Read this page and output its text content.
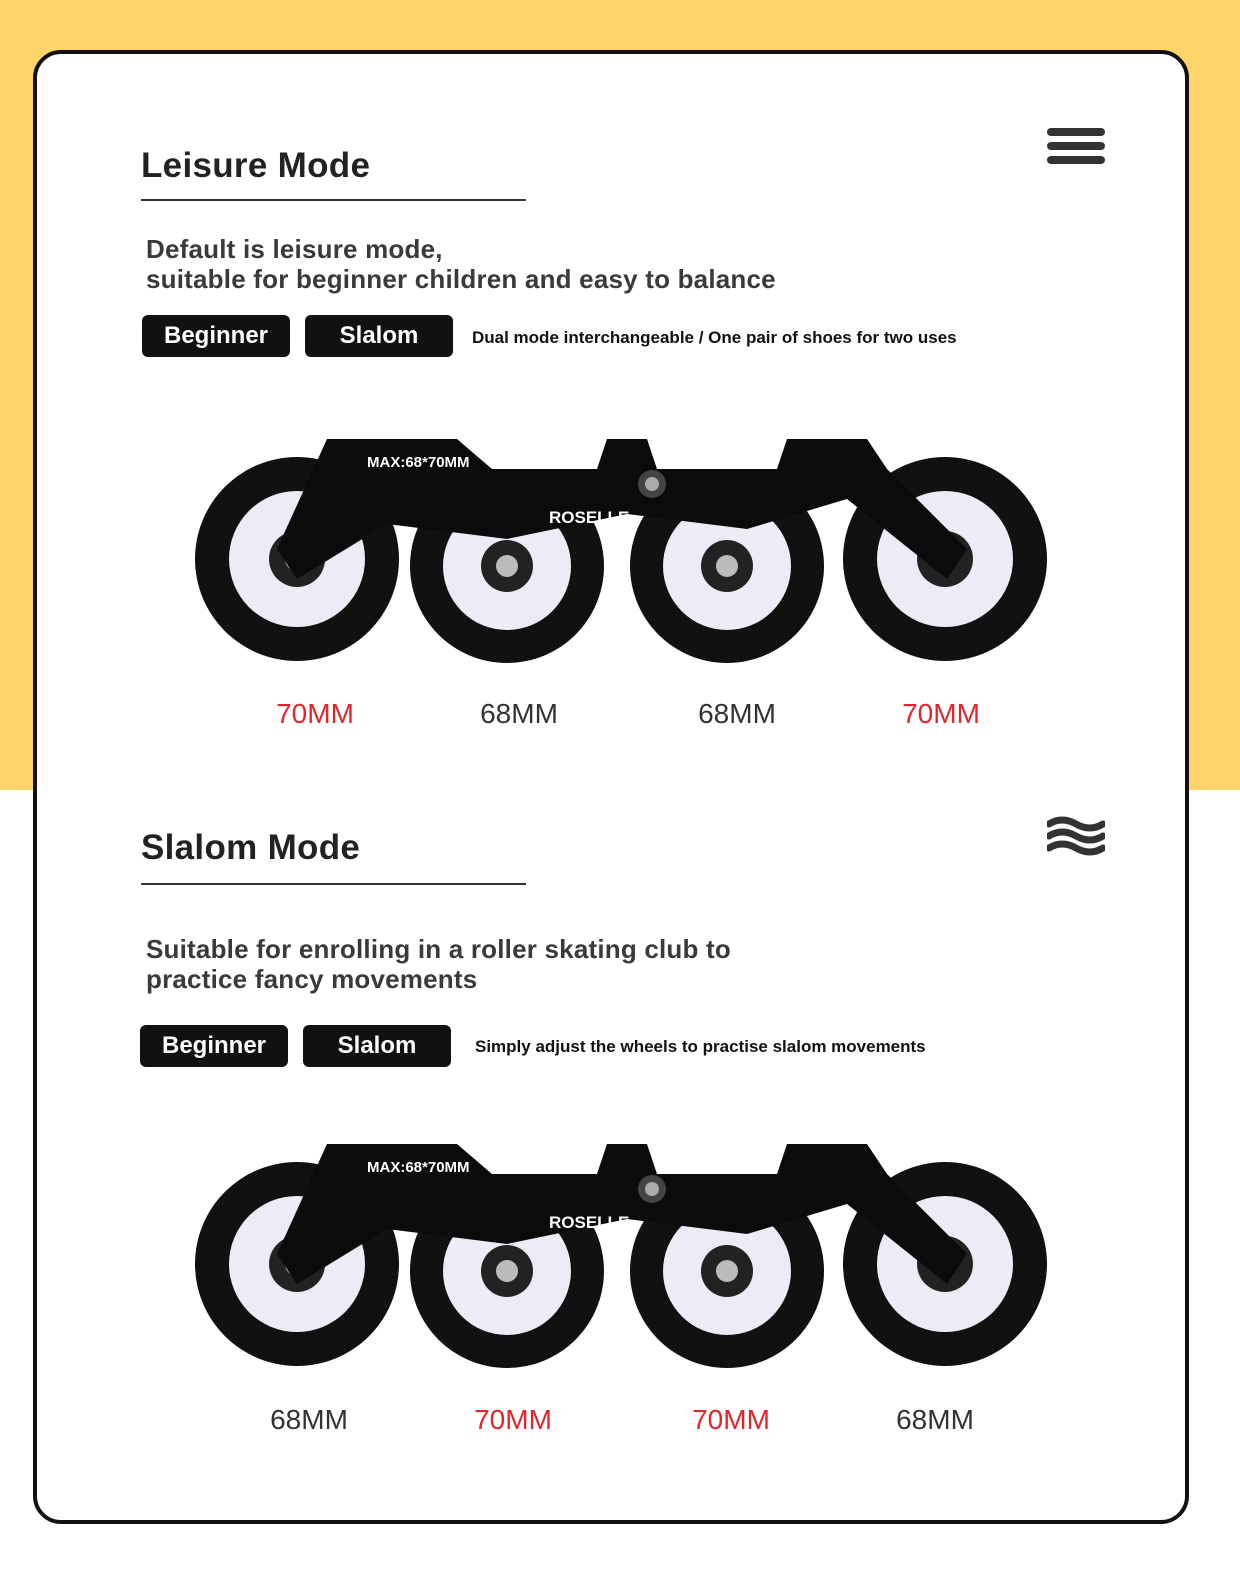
Leisure Mode
Default is leisure mode,
suitable for beginner children and easy to balance
Beginner	Slalom	Dual mode interchangeable / One pair of shoes for two uses
MAX:68*70MM
ROSELLE
70MM	68MM	68MM	70MM
Slalom Mode
Suitable for enrolling in a roller skating club to
practice fancy movements
Beginner	Slalom	Simply adjust the wheels to practise slalom movements
MAX:68*70MM
ROSELLE
68MM	70MM	70MM	68MM
